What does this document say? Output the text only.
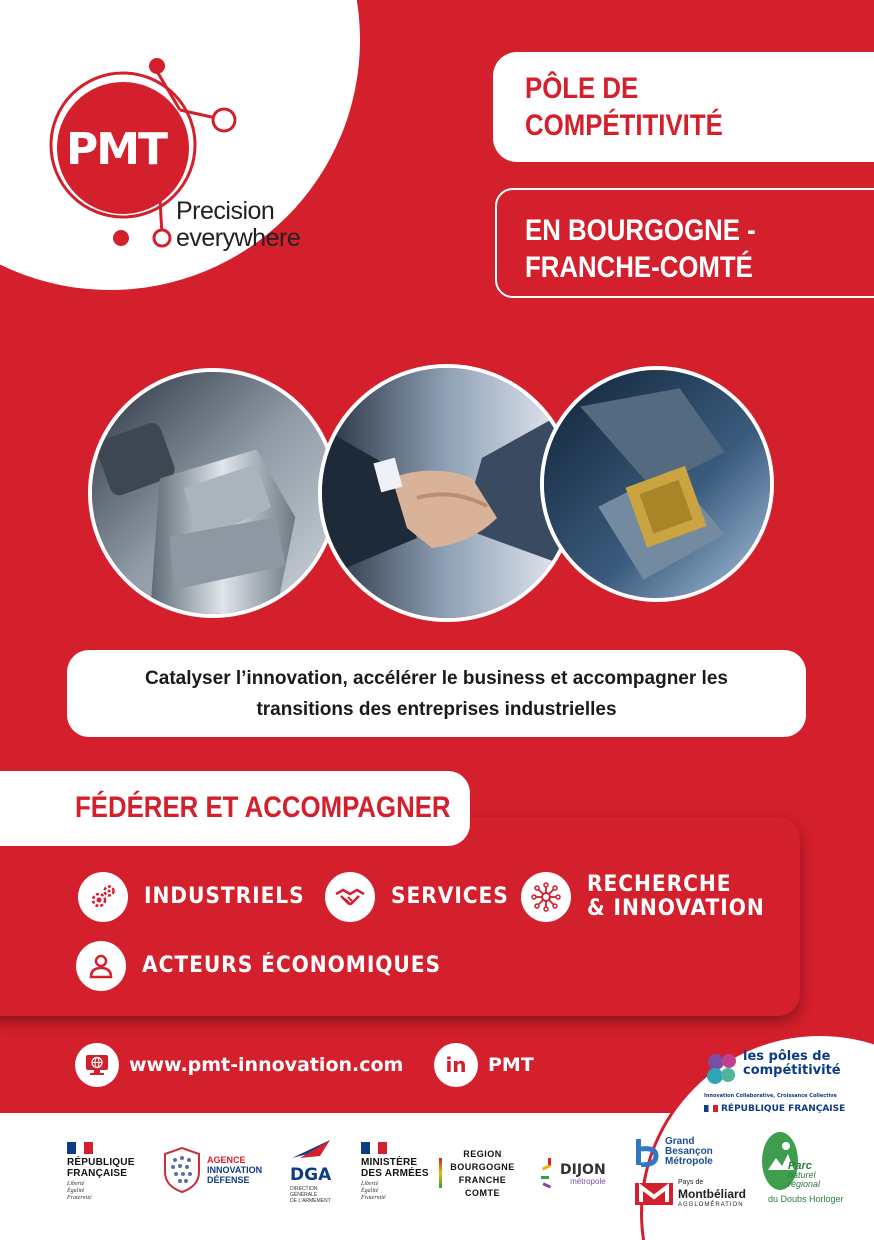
PMT
Precision
everywhere
PÔLE DE
COMPÉTITIVITÉ
EN BOURGOGNE -
FRANCHE-COMTÉ
Catalyser l’innovation, accélérer le business et accompagner les
transitions des entreprises industrielles
FÉDÉRER ET ACCOMPAGNER
INDUSTRIELS	SERVICES	RECHERCHE
& INNOVATION
ACTEURS ÉCONOMIQUES
www.pmt-innovation.com in PMT	les pôles de
compétitivité
Innovation Collaborative, Croissance Collective
RÉPUBLIQUE FRANÇAISE
RÉPUBLIQUE
FRANÇAISE
Liberté
Égalité
Fraternité
AGENCE
INNOVATION
DÉFENSE	DGA
DIRECTION
GÉNÉRALE
DE L'ARMEMENT
MINISTÈRE
DES ARMÉES
Liberté
Égalité
Fraternité
REGION
BOURGOGNE
FRANCHE
COMTE
DIJON
métropole
Grand
Besançon
Métropole
Pays de
Montbéliard
AGGLOMÉRATION
Parc
naturel
régional
du Doubs Horloger
